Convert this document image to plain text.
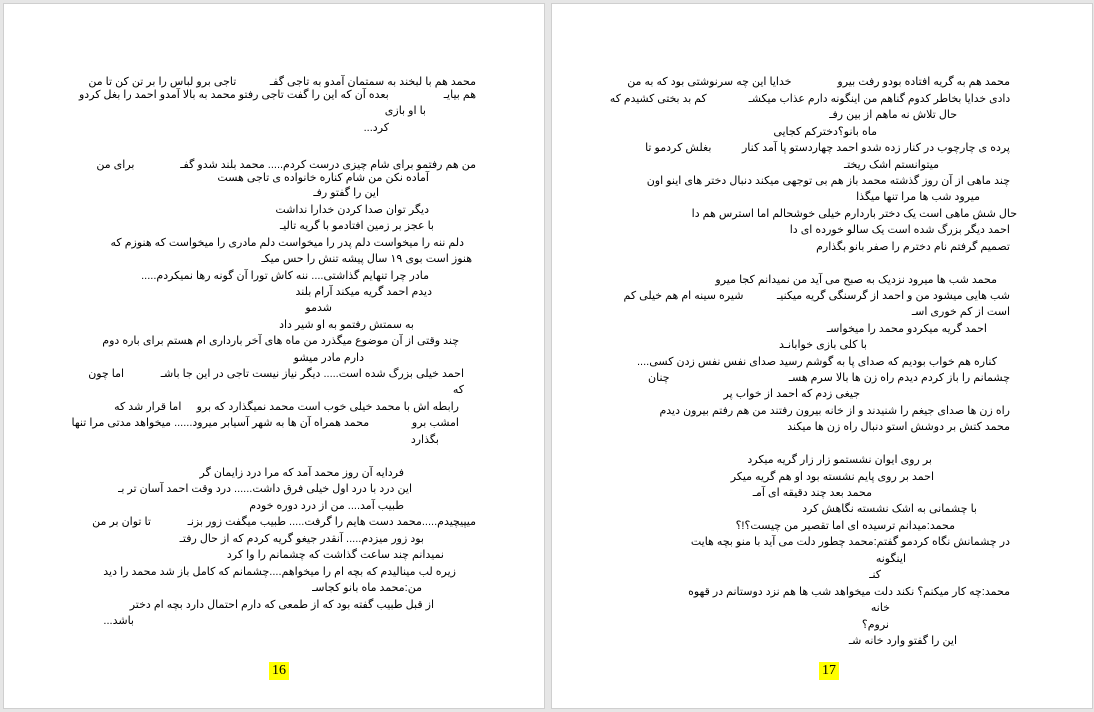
محمد هم با لبخند به سمتمان آمدو به تاجی گفـ           تاجی برو لباس را بر تن کن تا من

هم بیایـ                  بعده آن که این را گفت تاجی رفتو محمد به بالا آمدو احمد را بغل کردو

با او بازی

کرد...

من هم رفتمو برای شام چیزی درست کردم..... محمد بلند شدو گفـ               برای من

آماده نکن من شام کناره خانواده ی تاجی هست

این را گفتو رفـ

دیگر توان صدا کردن خدارا نداشت

با عجز بر زمین افتادمو با گریه تالیـ

دلم ننه را میخواست دلم پدر را میخواست دلم مادری را میخواست که هنوزم که

هنوز است بوی ۱۹ سال پیشه تنش را حس میکـ

مادر چرا تنهایم گذاشتی.... ننه کاش تورا آن گونه رها نمیکردم.....

دیدم احمد گریه میکند آرام بلند

شدمو

به سمتش رفتمو به او شیر داد

چند وقتی از آن موضوع میگذرد من ماه های آخر بارداری ام هستم برای باره دوم

دارم مادر میشو

احمد خیلی بزرگ شده است..... دیگر نیاز نیست تاجی در این جا باشـ            اما چون

که

رابطه اش با محمد خیلی خوب است محمد نمیگذارد که برو     اما قرار شد که

امشب برو              محمد همراه آن ها به شهر آسیابر میرود...... میخواهد مدتی مرا تنها

بگذارد

فردایه آن روز محمد آمد که مرا درد زایمان گر

این درد با درد اول خیلی فرق داشت...... درد وقت احمد آسان تر بـ

طبیب آمد.... من از درد دوره خودم

میپیچیدم.....محمد دست هایم را گرفت..... طبیب میگفت زور بزنـ            تا توان بر من

بود زور میزدم..... آنقدر جیغو گریه کردم که از حال رفتـ

نمیدانم چند ساعت گذاشت که چشمانم را وا کرد

زیره لب مینالیدم که بچه ام را میخواهم....چشمانم که کامل باز شد محمد را دید

من:محمد ماه بانو کجاسـ

از قبل طبیب گفته بود که از طمعی که دارم احتمال دارد بچه ام دختر

باشد...

16

محمد هم به گریه افتاده بودو رفت بیرو               خدایا این چه سرنوشتی بود که به من

دادی خدایا بخاطر کدوم گناهم من اینگونه دارم عذاب میکشـ              کم بد بختی کشیدم که

حال تلاش نه ماهم از بین رفـ

ماه بانو؟دخترکم کجایی

پرده ی چارچوب در کنار زده شدو احمد چهاردستو پا آمد کنار          بغلش کردمو تا

میتوانستم اشک ریختـ

چند ماهی از آن روز گذشته محمد باز هم بی توجهی میکند دنبال دختر های اینو اون

میرود شب ها مرا تنها میگذا

حال شش ماهی است یک دختر باردارم خیلی خوشحالم اما استرس هم دا

احمد دیگر بزرگ شده است یک سالو خورده ای دا

تصمیم گرفتم نام دخترم را صفر بانو بگذارم

محمد شب ها میرود نزدیک به صبح می آید من نمیدانم کجا میرو

شب هایی میشود من و احمد از گرسنگی گریه میکنیـ           شیره سینه ام هم خیلی کم

است از کم خوری اسـ

احمد گریه میکردو محمد را میخواسـ

با کلی بازی خوابانـد

کناره هم خواب بودیم که صدای پا به گوشم رسید صدای نفس نفس زدن کسی....

چشمانم را باز کردم دیدم راه زن ها بالا سرم هسـ                                       چنان

جیغی زدم که احمد از خواب پر

راه زن ها صدای جیغم را شنیدند و از خانه بیرون رفتند من هم رفتم بیرون دیدم

محمد کتش بر دوشش استو دنبال راه زن ها میکند

بر روی ایوان نشستمو زار زار گریه میکرد

احمد بر روی پایم نشسته بود او هم گریه میکر

محمد بعد چند دقیقه ای آمـ

با چشمانی به اشک نشسته نگاهش کرد

محمد:میدانم ترسیده ای اما تقصیر من چیست؟!؟

در چشمانش نگاه کردمو گفتم:محمد چطور دلت می آید با منو بچه هایت

اینگونه

کنـ

محمد:چه کار میکنم؟ نکند دلت میخواهد شب ها هم نزد دوستانم در قهوه

خانه

نروم؟

این را گفتو وارد خانه شـ

17
